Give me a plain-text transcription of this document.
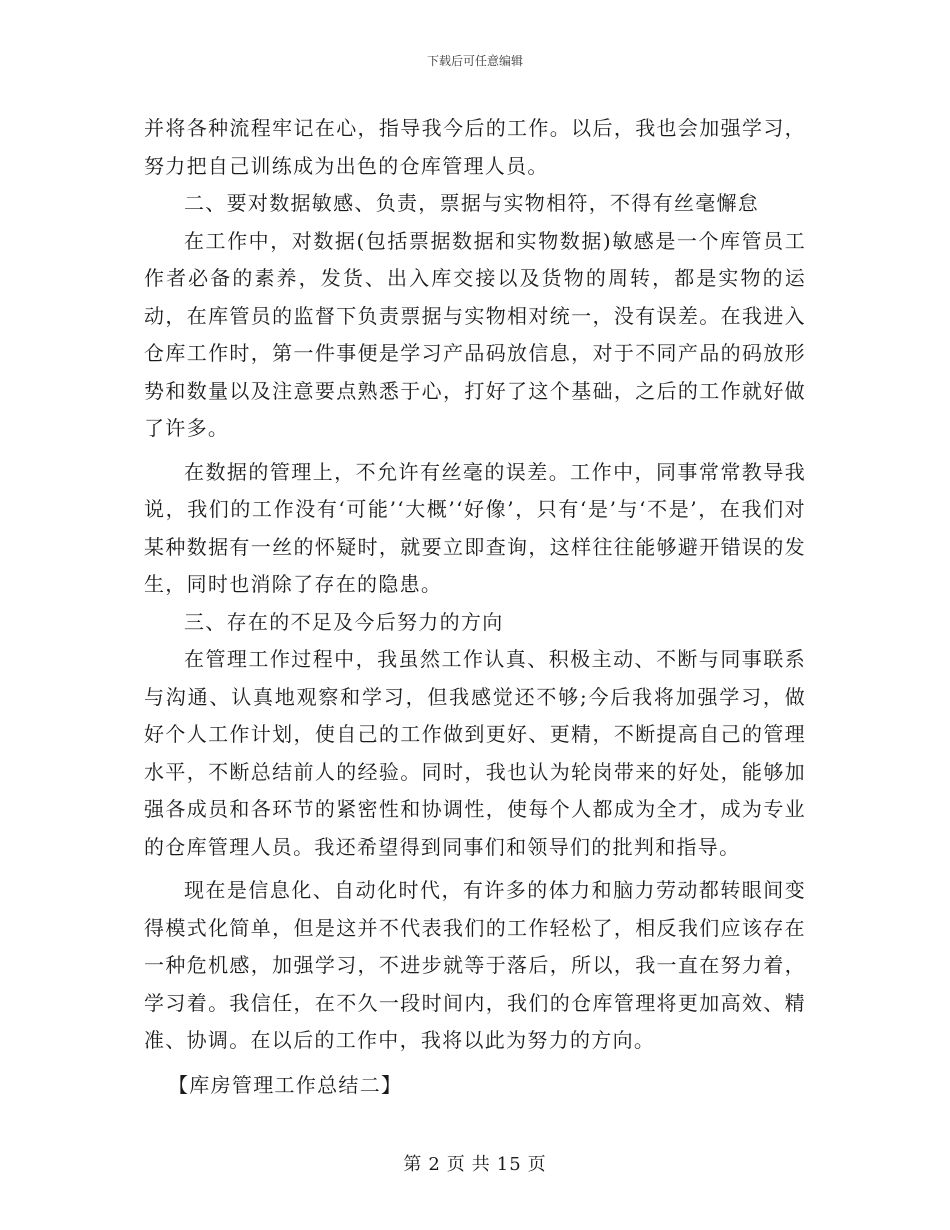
下载后可任意编辑

并将各种流程牢记在心，指导我今后的工作。以后，我也会加强学习，努力把自己训练成为出色的仓库管理人员。

二、要对数据敏感、负责，票据与实物相符，不得有丝毫懈怠

在工作中，对数据(包括票据数据和实物数据)敏感是一个库管员工作者必备的素养，发货、出入库交接以及货物的周转，都是实物的运动，在库管员的监督下负责票据与实物相对统一，没有误差。在我进入仓库工作时，第一件事便是学习产品码放信息，对于不同产品的码放形势和数量以及注意要点熟悉于心，打好了这个基础，之后的工作就好做了许多。

在数据的管理上，不允许有丝毫的误差。工作中，同事常常教导我说，我们的工作没有‘可能’‘大概’‘好像’，只有‘是’与‘不是’，在我们对某种数据有一丝的怀疑时，就要立即查询，这样往往能够避开错误的发生，同时也消除了存在的隐患。

三、存在的不足及今后努力的方向

在管理工作过程中，我虽然工作认真、积极主动、不断与同事联系与沟通、认真地观察和学习，但我感觉还不够;今后我将加强学习，做好个人工作计划，使自己的工作做到更好、更精，不断提高自己的管理水平，不断总结前人的经验。同时，我也认为轮岗带来的好处，能够加强各成员和各环节的紧密性和协调性，使每个人都成为全才，成为专业的仓库管理人员。我还希望得到同事们和领导们的批判和指导。

现在是信息化、自动化时代，有许多的体力和脑力劳动都转眼间变得模式化简单，但是这并不代表我们的工作轻松了，相反我们应该存在一种危机感，加强学习，不进步就等于落后，所以，我一直在努力着，学习着。我信任，在不久一段时间内，我们的仓库管理将更加高效、精准、协调。在以后的工作中，我将以此为努力的方向。

【库房管理工作总结二】

第 2 页 共 15 页
